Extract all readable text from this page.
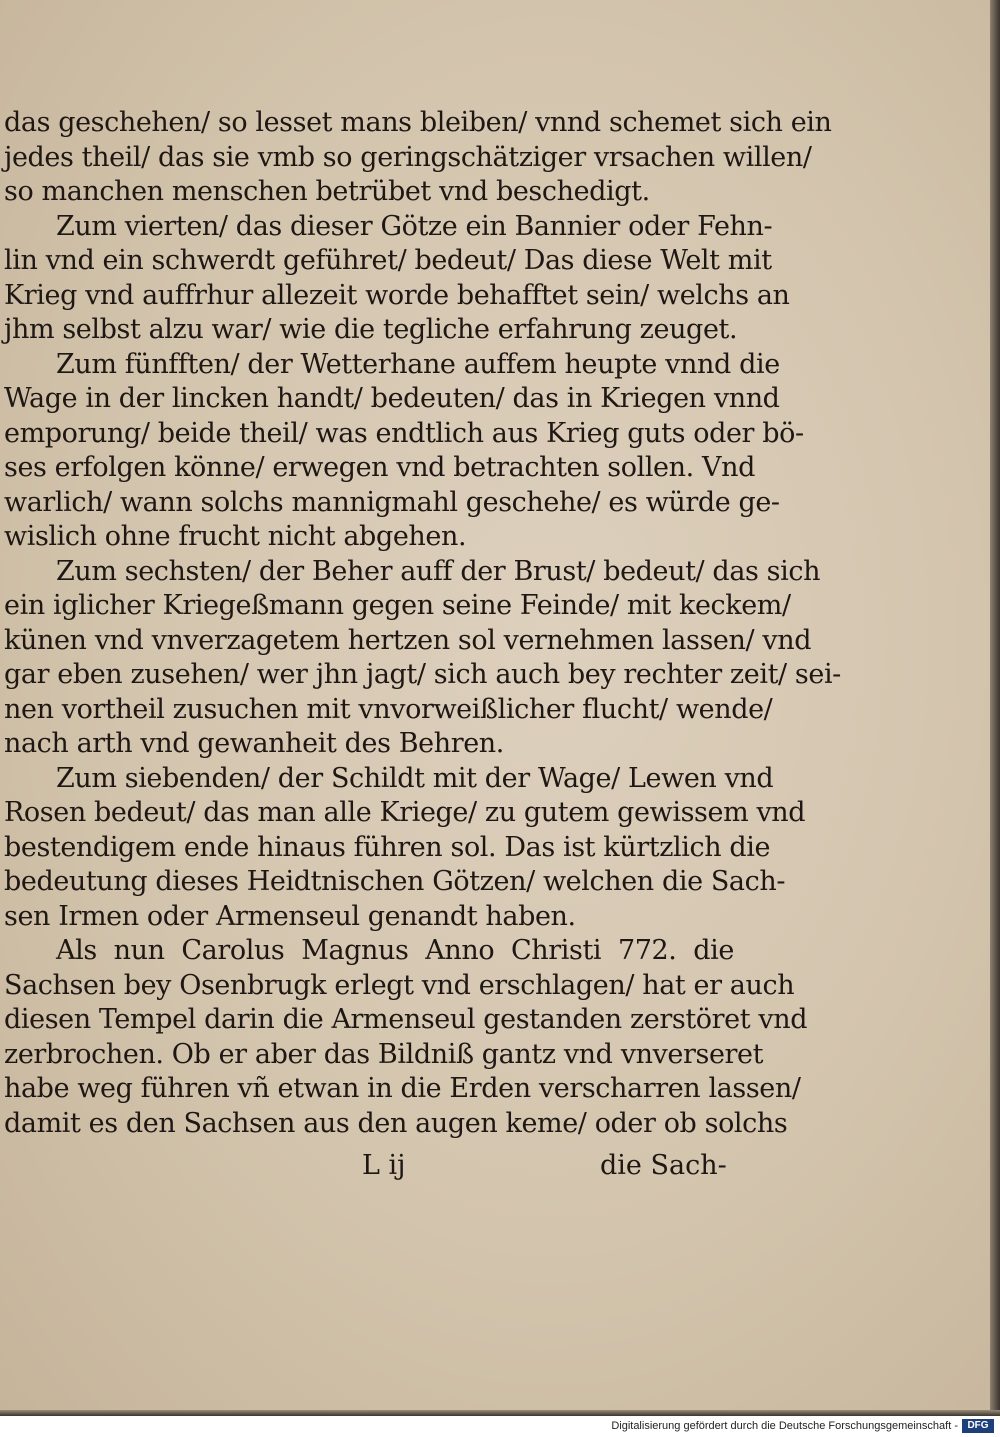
das geschehen/ so lesset mans bleiben/ vnnd schemet sich ein
jedes theil/ das sie vmb so geringschätziger vrsachen willen/
so manchen menschen betrübet vnd beschedigt.
Zum vierten/ das dieser Götze ein Bannier oder Fehn-
lin vnd ein schwerdt geführet/ bedeut/ Das diese Welt mit
Krieg vnd auffrhur allezeit worde behafftet sein/ welchs an
jhm selbst alzu war/ wie die tegliche erfahrung zeuget.
Zum fünfften/ der Wetterhane auffem heupte vnnd die
Wage in der lincken handt/ bedeuten/ das in Kriegen vnnd
emporung/ beide theil/ was endtlich aus Krieg guts oder bö-
ses erfolgen könne/ erwegen vnd betrachten sollen. Vnd
warlich/ wann solchs mannigmahl geschehe/ es würde ge-
wislich ohne frucht nicht abgehen.
Zum sechsten/ der Beher auff der Brust/ bedeut/ das sich
ein iglicher Kriegeßmann gegen seine Feinde/ mit keckem/
künen vnd vnverzagetem hertzen sol vernehmen lassen/ vnd
gar eben zusehen/ wer jhn jagt/ sich auch bey rechter zeit/ sei-
nen vortheil zusuchen mit vnvorweißlicher flucht/ wende/
nach arth vnd gewanheit des Behren.
Zum siebenden/ der Schildt mit der Wage/ Lewen vnd
Rosen bedeut/ das man alle Kriege/ zu gutem gewissem vnd
bestendigem ende hinaus führen sol. Das ist kürtzlich die
bedeutung dieses Heidtnischen Götzen/ welchen die Sach-
sen Irmen oder Armenseul genandt haben.
Als nun Carolus Magnus Anno Christi 772. die
Sachsen bey Osenbrugk erlegt vnd erschlagen/ hat er auch
diesen Tempel darin die Armenseul gestanden zerstöret vnd
zerbrochen. Ob er aber das Bildniß gantz vnd vnverseret
habe weg führen vñ etwan in die Erden verscharren lassen/
damit es den Sachsen aus den augen keme/ oder ob solchs
L ij	die Sach-
Digitalisierung gefördert durch die Deutsche Forschungsgemeinschaft - DFG
